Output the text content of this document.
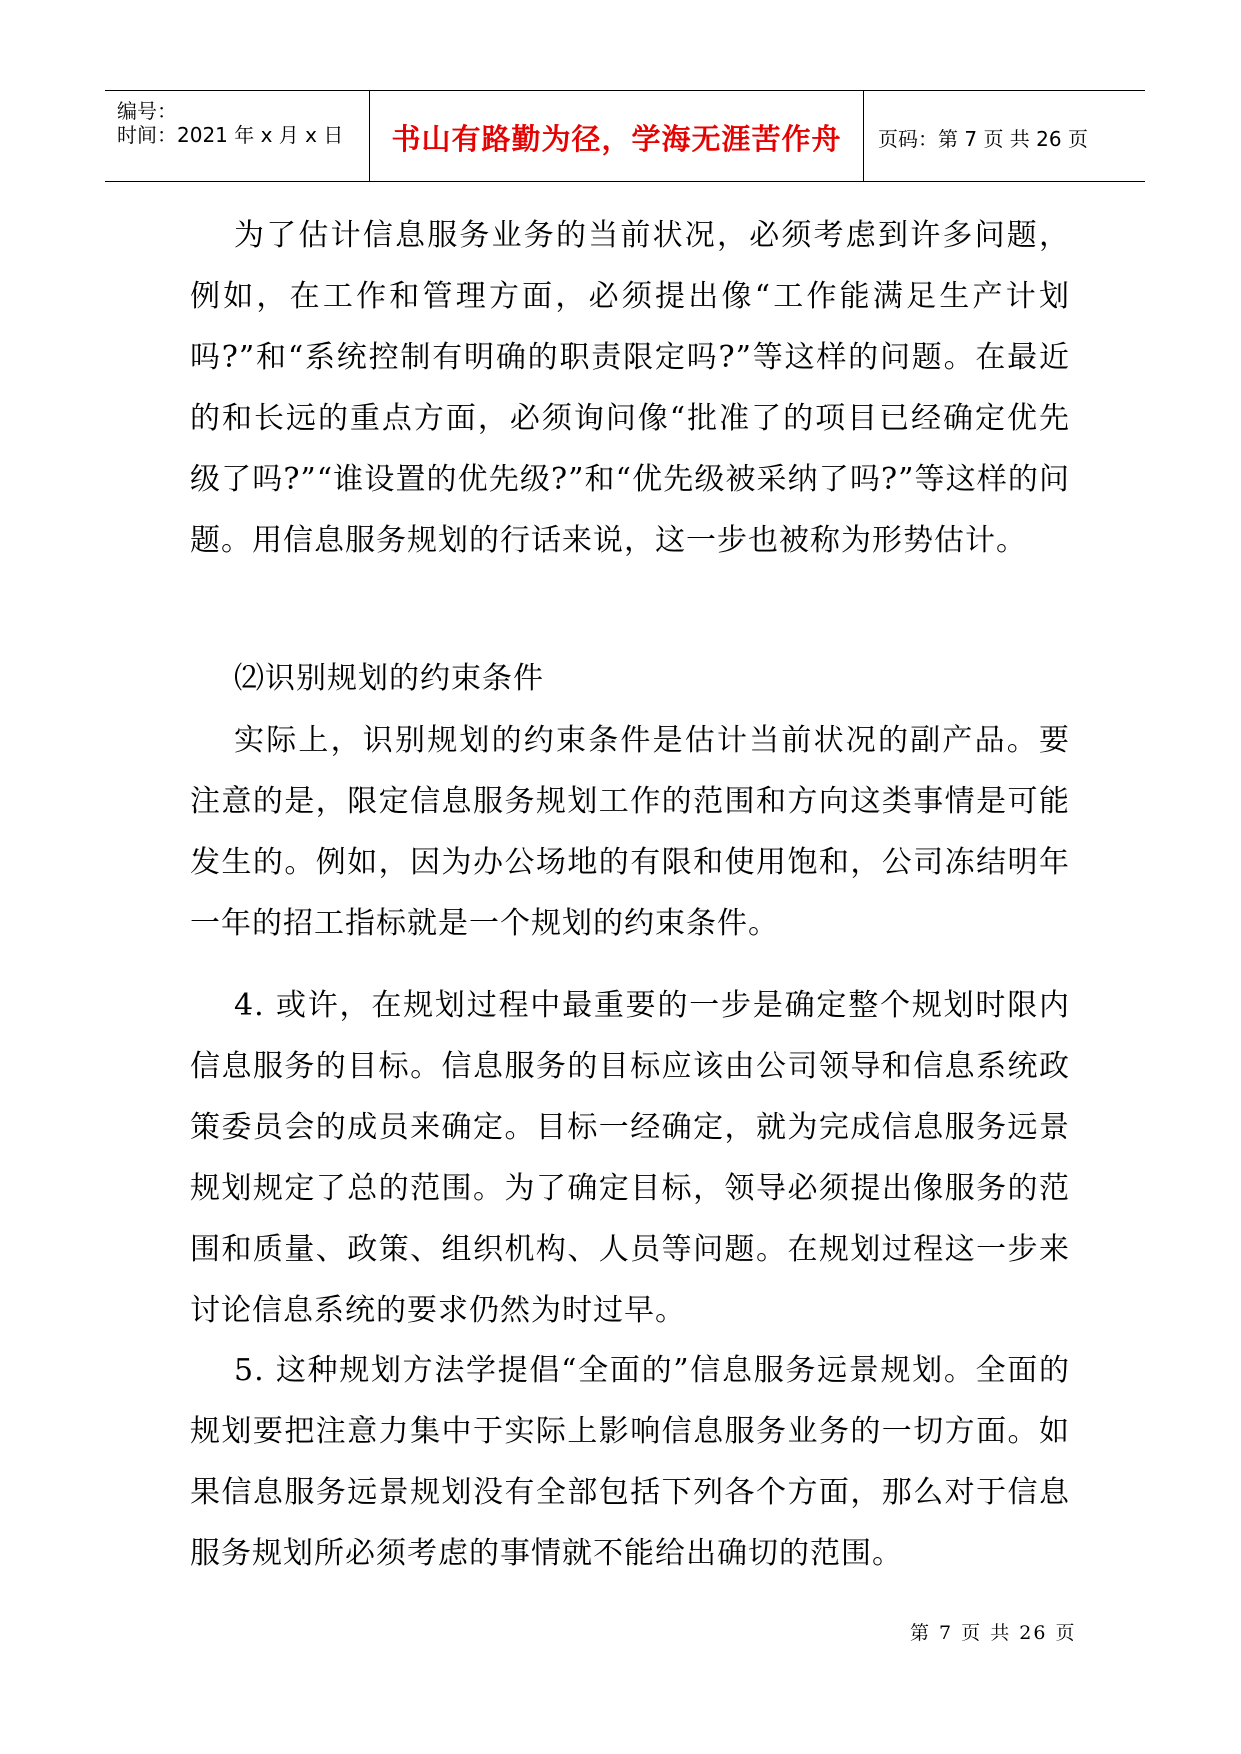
编号：
时间：2021 年 x 月 x 日	书山有路勤为径，学海无涯苦作舟	页码：第 7 页 共 26 页

为了估计信息服务业务的当前状况，必须考虑到许多问题，例如，在工作和管理方面，必须提出像“工作能满足生产计划吗?”和“系统控制有明确的职责限定吗?”等这样的问题。在最近的和长远的重点方面，必须询问像“批准了的项目已经确定优先级了吗?”“谁设置的优先级?”和“优先级被采纳了吗?”等这样的问题。用信息服务规划的行话来说，这一步也被称为形势估计。

⑵识别规划的约束条件

实际上，识别规划的约束条件是估计当前状况的副产品。要注意的是，限定信息服务规划工作的范围和方向这类事情是可能发生的。例如，因为办公场地的有限和使用饱和，公司冻结明年一年的招工指标就是一个规划的约束条件。

4. 或许，在规划过程中最重要的一步是确定整个规划时限内信息服务的目标。信息服务的目标应该由公司领导和信息系统政策委员会的成员来确定。目标一经确定，就为完成信息服务远景规划规定了总的范围。为了确定目标，领导必须提出像服务的范围和质量、政策、组织机构、人员等问题。在规划过程这一步来讨论信息系统的要求仍然为时过早。

5. 这种规划方法学提倡“全面的”信息服务远景规划。全面的规划要把注意力集中于实际上影响信息服务业务的一切方面。如果信息服务远景规划没有全部包括下列各个方面，那么对于信息服务规划所必须考虑的事情就不能给出确切的范围。

第 7 页 共 26 页
